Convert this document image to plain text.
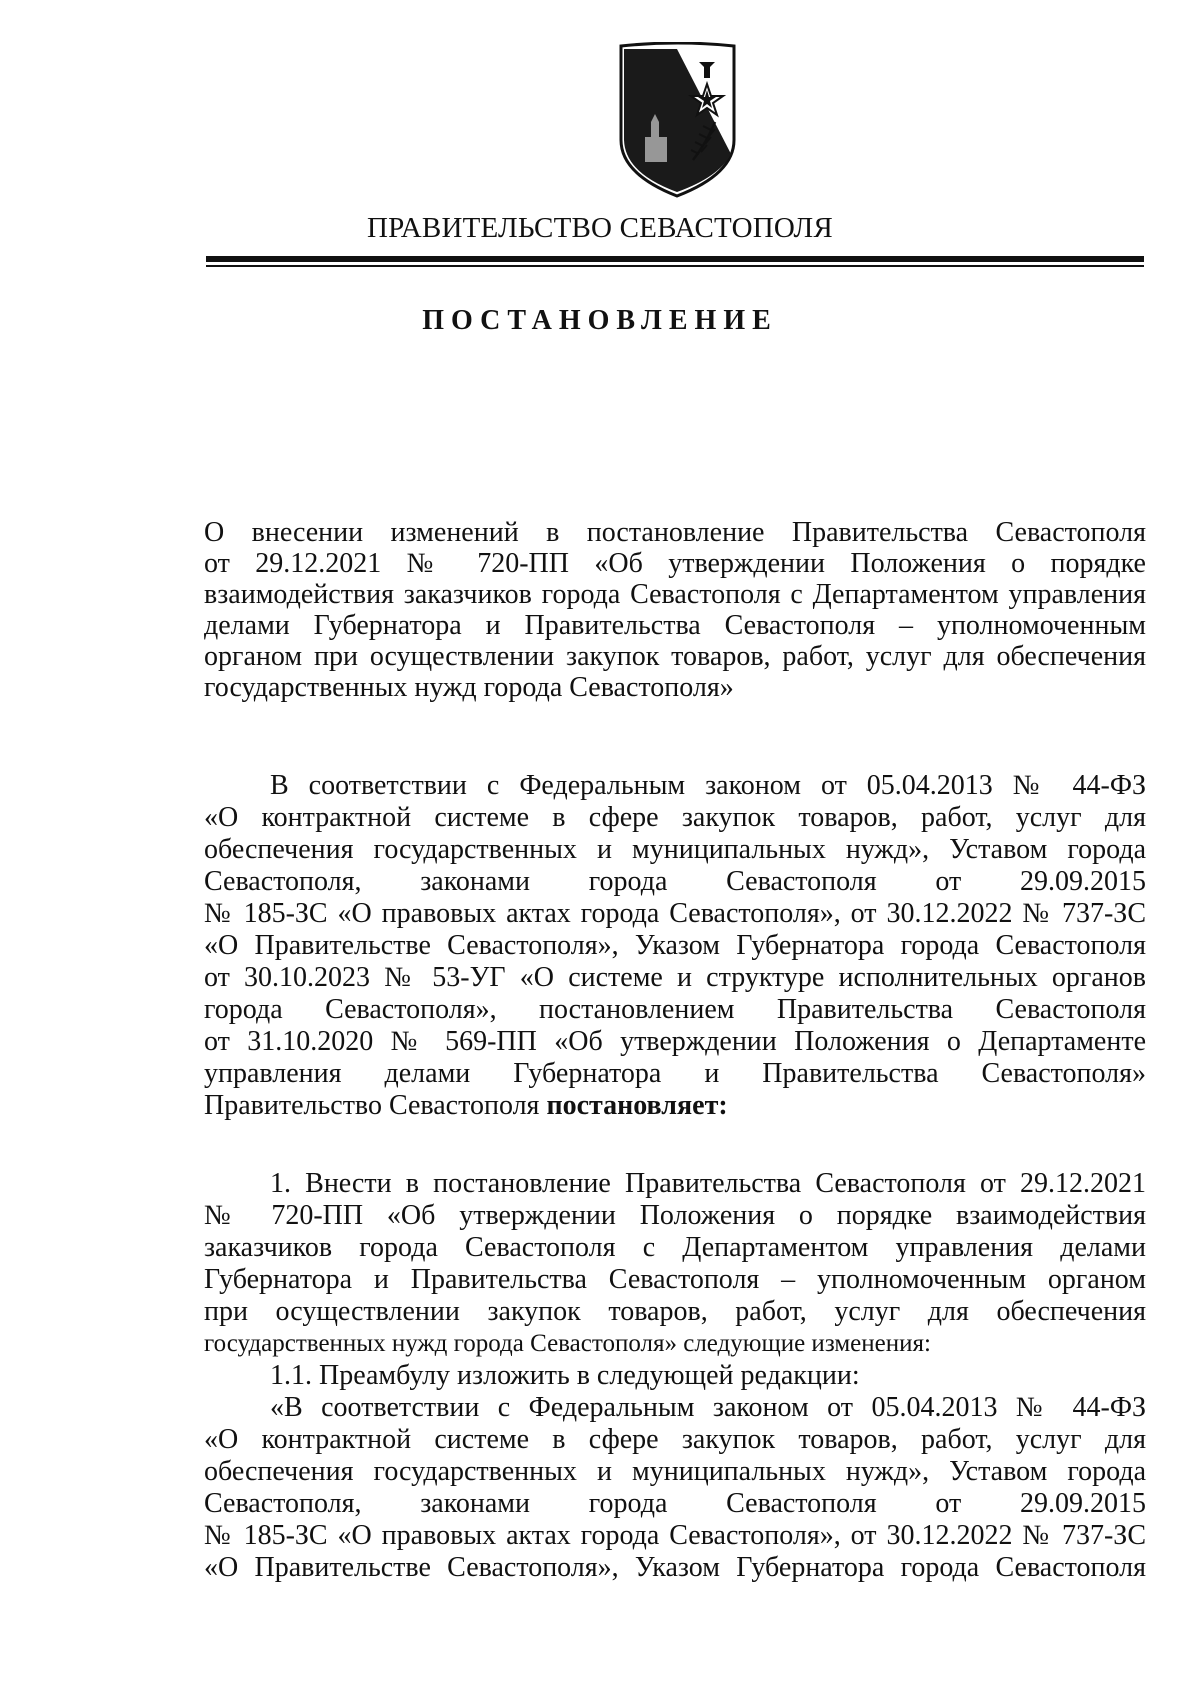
ПРАВИТЕЛЬСТВО СЕВАСТОПОЛЯ
ПОСТАНОВЛЕНИЕ
О внесении изменений в постановление Правительства Севастополя
от 29.12.2021 № 720-ПП «Об утверждении Положения о порядке
взаимодействия заказчиков города Севастополя с Департаментом управления
делами Губернатора и Правительства Севастополя – уполномоченным
органом при осуществлении закупок товаров, работ, услуг для обеспечения
государственных нужд города Севастополя»
В соответствии с Федеральным законом от 05.04.2013 № 44-ФЗ
«О контрактной системе в сфере закупок товаров, работ, услуг для
обеспечения государственных и муниципальных нужд», Уставом города
Севастополя, законами города Севастополя от 29.09.2015
№ 185-ЗС «О правовых актах города Севастополя», от 30.12.2022 № 737-ЗС
«О Правительстве Севастополя», Указом Губернатора города Севастополя
от 30.10.2023 № 53-УГ «О системе и структуре исполнительных органов
города Севастополя», постановлением Правительства Севастополя
от 31.10.2020 № 569-ПП «Об утверждении Положения о Департаменте
управления делами Губернатора и Правительства Севастополя»
Правительство Севастополя постановляет:
1. Внести в постановление Правительства Севастополя от 29.12.2021
№ 720-ПП «Об утверждении Положения о порядке взаимодействия
заказчиков города Севастополя с Департаментом управления делами
Губернатора и Правительства Севастополя – уполномоченным органом
при осуществлении закупок товаров, работ, услуг для обеспечения
государственных нужд города Севастополя» следующие изменения:
1.1. Преамбулу изложить в следующей редакции:
«В соответствии с Федеральным законом от 05.04.2013 № 44-ФЗ
«О контрактной системе в сфере закупок товаров, работ, услуг для
обеспечения государственных и муниципальных нужд», Уставом города
Севастополя, законами города Севастополя от 29.09.2015
№ 185-ЗС «О правовых актах города Севастополя», от 30.12.2022 № 737-ЗС
«О Правительстве Севастополя», Указом Губернатора города Севастополя
